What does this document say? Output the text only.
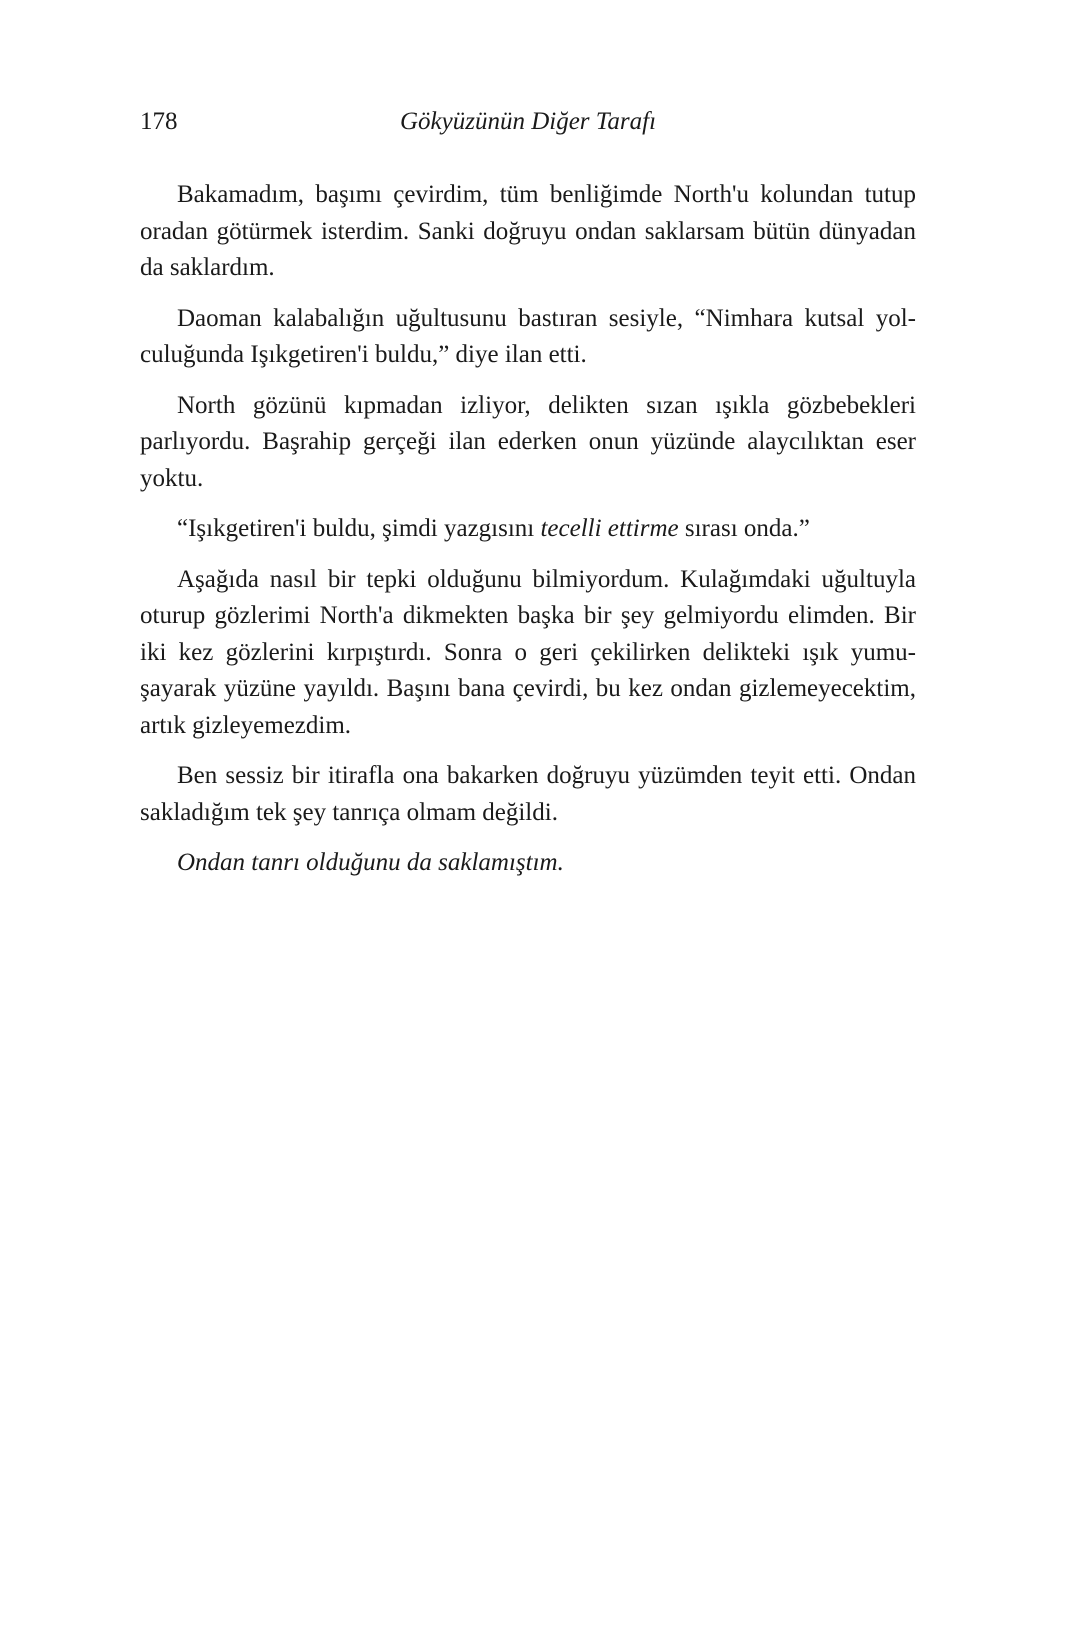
178	Gökyüzünün Diğer Tarafı

Bakamadım, başımı çevirdim, tüm benliğimde North'u kolundan tutup oradan götürmek isterdim. Sanki doğruyu ondan saklarsam bütün dünyadan da saklardım.

Daoman kalabalığın uğultusunu bastıran sesiyle, “Nimhara kutsal yolculuğunda Işıkgetiren'i buldu,” diye ilan etti.

North gözünü kıpmadan izliyor, delikten sızan ışıkla gözbebekleri parlıyordu. Başrahip gerçeği ilan ederken onun yüzünde alaycılıktan eser yoktu.

“Işıkgetiren'i buldu, şimdi yazgısını tecelli ettirme sırası onda.”

Aşağıda nasıl bir tepki olduğunu bilmiyordum. Kulağımdaki uğultuyla oturup gözlerimi North'a dikmekten başka bir şey gelmiyordu elimden. Bir iki kez gözlerini kırpıştırdı. Sonra o geri çekilirken delikteki ışık yumuşayarak yüzüne yayıldı. Başını bana çevirdi, bu kez ondan gizlemeyecektim, artık gizleyemezdim.

Ben sessiz bir itirafla ona bakarken doğruyu yüzümden teyit etti. Ondan sakladığım tek şey tanrıça olmam değildi.

Ondan tanrı olduğunu da saklamıştım.
